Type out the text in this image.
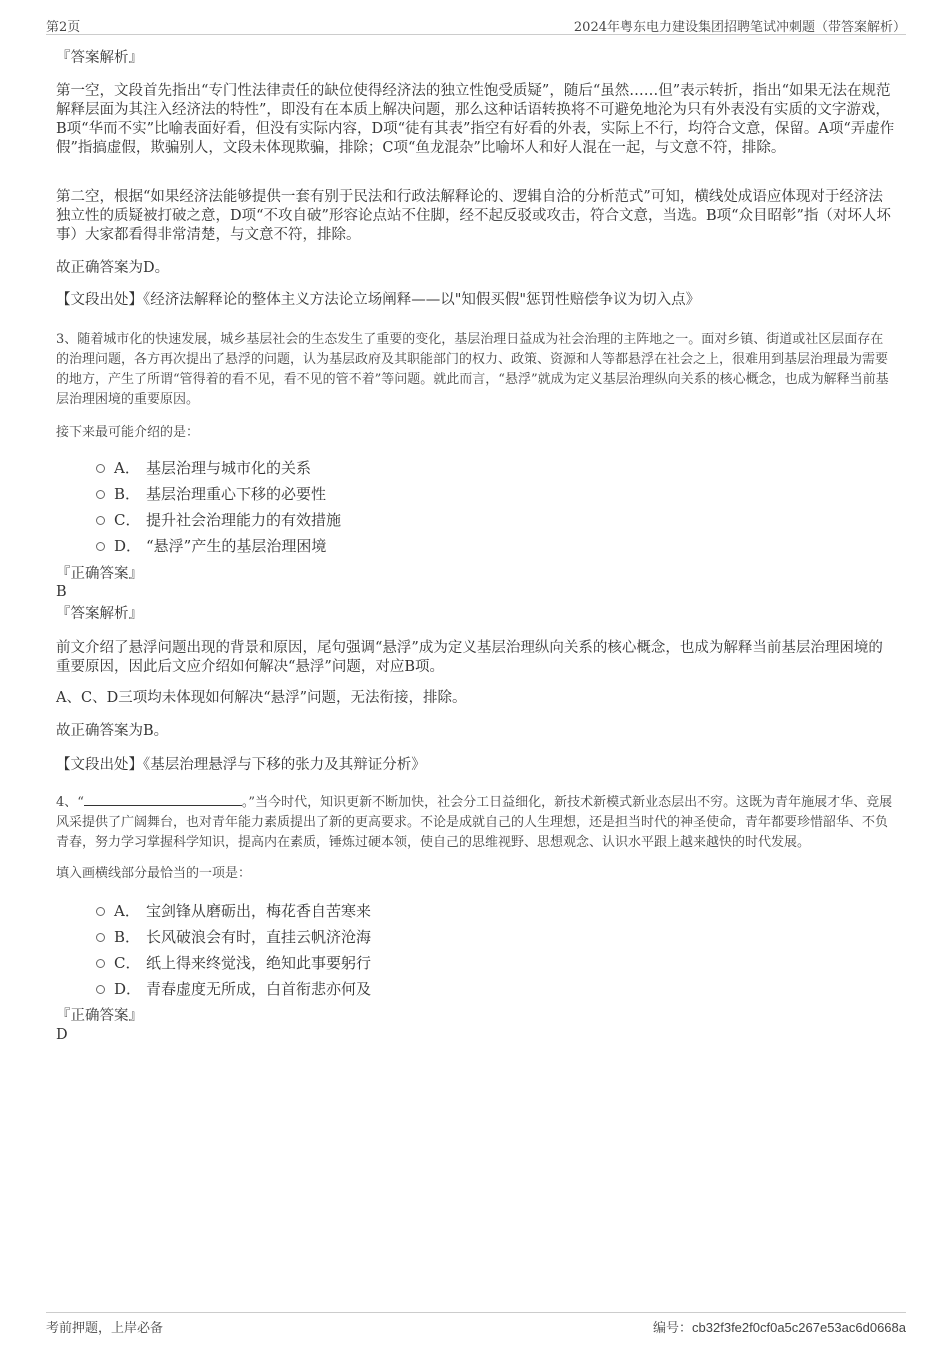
第2页	2024年粤东电力建设集团招聘笔试冲刺题（带答案解析）
『答案解析』
第一空，文段首先指出“专门性法律责任的缺位使得经济法的独立性饱受质疑”，随后“虽然……但”表示转折，指出“如果无法在规范解释层面为其注入经济法的特性”，即没有在本质上解决问题，那么这种话语转换将不可避免地沦为只有外表没有实质的文字游戏，B项“华而不实”比喻表面好看，但没有实际内容，D项“徒有其表”指空有好看的外表，实际上不行，均符合文意，保留。A项“弄虚作假”指搞虚假，欺骗别人，文段未体现欺骗，排除；C项“鱼龙混杂”比喻坏人和好人混在一起，与文意不符，排除。
第二空，根据“如果经济法能够提供一套有别于民法和行政法解释论的、逻辑自洽的分析范式”可知，横线处成语应体现对于经济法独立性的质疑被打破之意，D项“不攻自破”形容论点站不住脚，经不起反驳或攻击，符合文意，当选。B项“众目昭彰”指（对坏人坏事）大家都看得非常清楚，与文意不符，排除。
故正确答案为D。
【文段出处】《经济法解释论的整体主义方法论立场阐释——以"知假买假"惩罚性赔偿争议为切入点》
3、随着城市化的快速发展，城乡基层社会的生态发生了重要的变化，基层治理日益成为社会治理的主阵地之一。面对乡镇、街道或社区层面存在的治理问题，各方再次提出了悬浮的问题，认为基层政府及其职能部门的权力、政策、资源和人等都悬浮在社会之上，很难用到基层治理最为需要的地方，产生了所谓“管得着的看不见，看不见的管不着”等问题。就此而言，“悬浮”就成为定义基层治理纵向关系的核心概念，也成为解释当前基层治理困境的重要原因。
接下来最可能介绍的是：
A． 基层治理与城市化的关系
B． 基层治理重心下移的必要性
C． 提升社会治理能力的有效措施
D． “悬浮”产生的基层治理困境
『正确答案』
B
『答案解析』
前文介绍了悬浮问题出现的背景和原因，尾句强调“悬浮”成为定义基层治理纵向关系的核心概念，也成为解释当前基层治理困境的重要原因，因此后文应介绍如何解决“悬浮”问题，对应B项。
A、C、D三项均未体现如何解决“悬浮”问题，无法衔接，排除。
故正确答案为B。
【文段出处】《基层治理悬浮与下移的张力及其辩证分析》
4、“	。”当今时代，知识更新不断加快，社会分工日益细化，新技术新模式新业态层出不穷。这既为青年施展才华、竞展风采提供了广阔舞台，也对青年能力素质提出了新的更高要求。不论是成就自己的人生理想，还是担当时代的神圣使命，青年都要珍惜韶华、不负青春，努力学习掌握科学知识，提高内在素质，锤炼过硬本领，使自己的思维视野、思想观念、认识水平跟上越来越快的时代发展。
填入画横线部分最恰当的一项是：
A． 宝剑锋从磨砺出，梅花香自苦寒来
B． 长风破浪会有时，直挂云帆济沧海
C． 纸上得来终觉浅，绝知此事要躬行
D． 青春虚度无所成，白首衔悲亦何及
『正确答案』
D
考前押题，上岸必备	编号：cb32f3fe2f0cf0a5c267e53ac6d0668a
